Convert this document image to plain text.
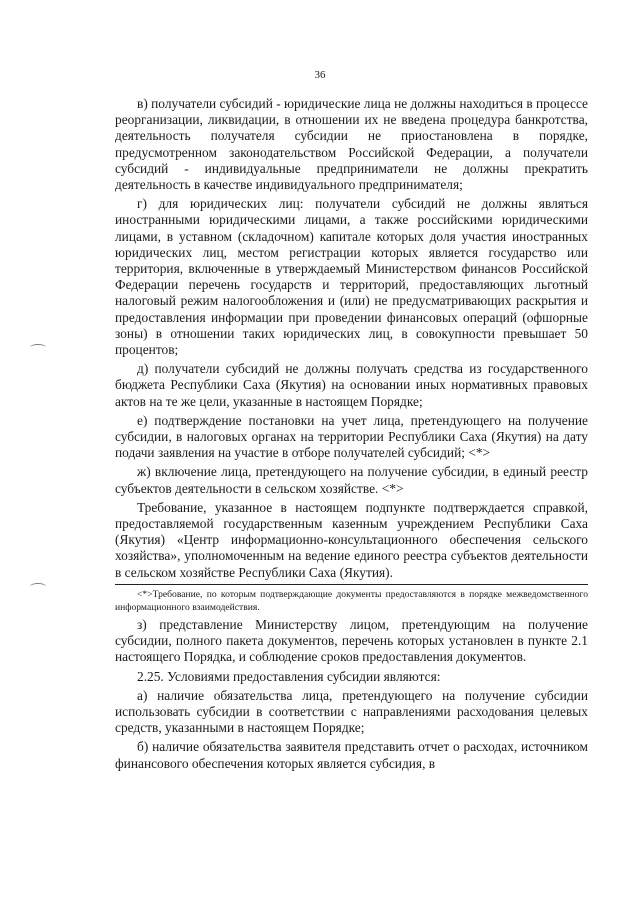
36

в) получатели субсидий - юридические лица не должны находиться в процессе реорганизации, ликвидации, в отношении их не введена процедура банкротства, деятельность получателя субсидии не приостановлена в порядке, предусмотренном законодательством Российской Федерации, а получатели субсидий - индивидуальные предприниматели не должны прекратить деятельность в качестве индивидуального предпринимателя;

г) для юридических лиц: получатели субсидий не должны являться иностранными юридическими лицами, а также российскими юридическими лицами, в уставном (складочном) капитале которых доля участия иностранных юридических лиц, местом регистрации которых является государство или территория, включенные в утверждаемый Министерством финансов Российской Федерации перечень государств и территорий, предоставляющих льготный налоговый режим налогообложения и (или) не предусматривающих раскрытия и предоставления информации при проведении финансовых операций (офшорные зоны) в отношении таких юридических лиц, в совокупности превышает 50 процентов;

д) получатели субсидий не должны получать средства из государственного бюджета Республики Саха (Якутия) на основании иных нормативных правовых актов на те же цели, указанные в настоящем Порядке;

е) подтверждение постановки на учет лица, претендующего на получение субсидии, в налоговых органах на территории Республики Саха (Якутия) на дату подачи заявления на участие в отборе получателей субсидий; <*>

ж) включение лица, претендующего на получение субсидии, в единый реестр субъектов деятельности в сельском хозяйстве. <*>

Требование, указанное в настоящем подпункте подтверждается справкой, предоставляемой государственным казенным учреждением Республики Саха (Якутия) «Центр информационно-консультационного обеспечения сельского хозяйства», уполномоченным на ведение единого реестра субъектов деятельности в сельском хозяйстве Республики Саха (Якутия).

<*>Требование, по которым подтверждающие документы предоставляются в порядке межведомственного информационного взаимодействия.

з) представление Министерству лицом, претендующим на получение субсидии, полного пакета документов, перечень которых установлен в пункте 2.1 настоящего Порядка, и соблюдение сроков предоставления документов.

2.25. Условиями предоставления субсидии являются:

а) наличие обязательства лица, претендующего на получение субсидии использовать субсидии в соответствии с направлениями расходования целевых средств, указанными в настоящем Порядке;

б) наличие обязательства заявителя представить отчет о расходах, источником финансового обеспечения которых является субсидия, в
